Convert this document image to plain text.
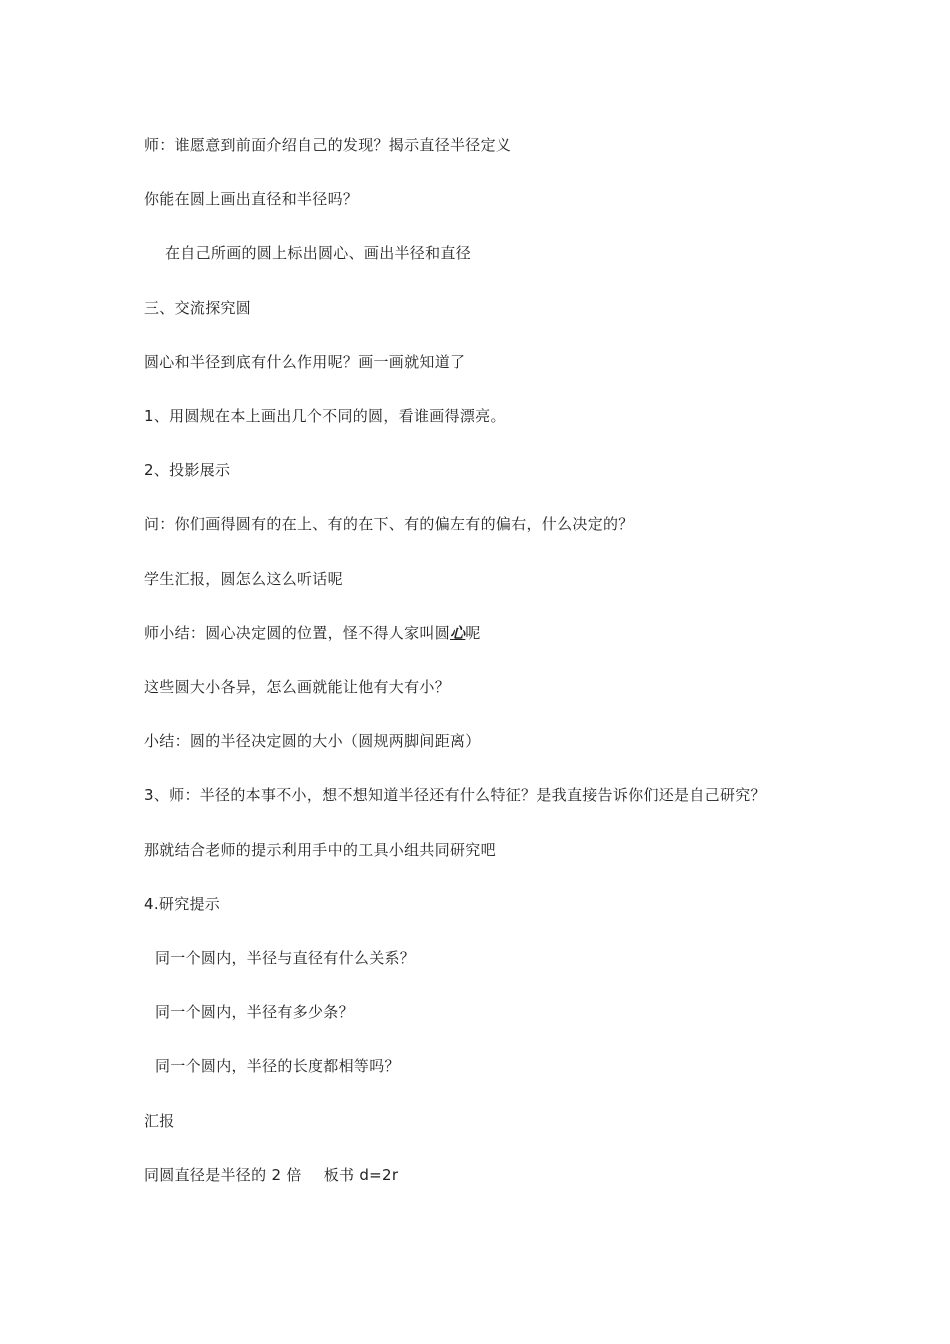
师：谁愿意到前面介绍自己的发现？揭示直径半径定义
你能在圆上画出直径和半径吗？
在自己所画的圆上标出圆心、画出半径和直径
三、交流探究圆
圆心和半径到底有什么作用呢？画一画就知道了
1、用圆规在本上画出几个不同的圆，看谁画得漂亮。
2、投影展示
问：你们画得圆有的在上、有的在下、有的偏左有的偏右，什么决定的？
学生汇报，圆怎么这么听话呢
师小结：圆心决定圆的位置，怪不得人家叫圆心呢
这些圆大小各异，怎么画就能让他有大有小？
小结：圆的半径决定圆的大小（圆规两脚间距离）
3、师：半径的本事不小，想不想知道半径还有什么特征？是我直接告诉你们还是自己研究？
那就结合老师的提示利用手中的工具小组共同研究吧
4.研究提示
同一个圆内，半径与直径有什么关系？
同一个圆内，半径有多少条？
同一个圆内，半径的长度都相等吗？
汇报
同圆直径是半径的 2 倍 板书 d=2r
